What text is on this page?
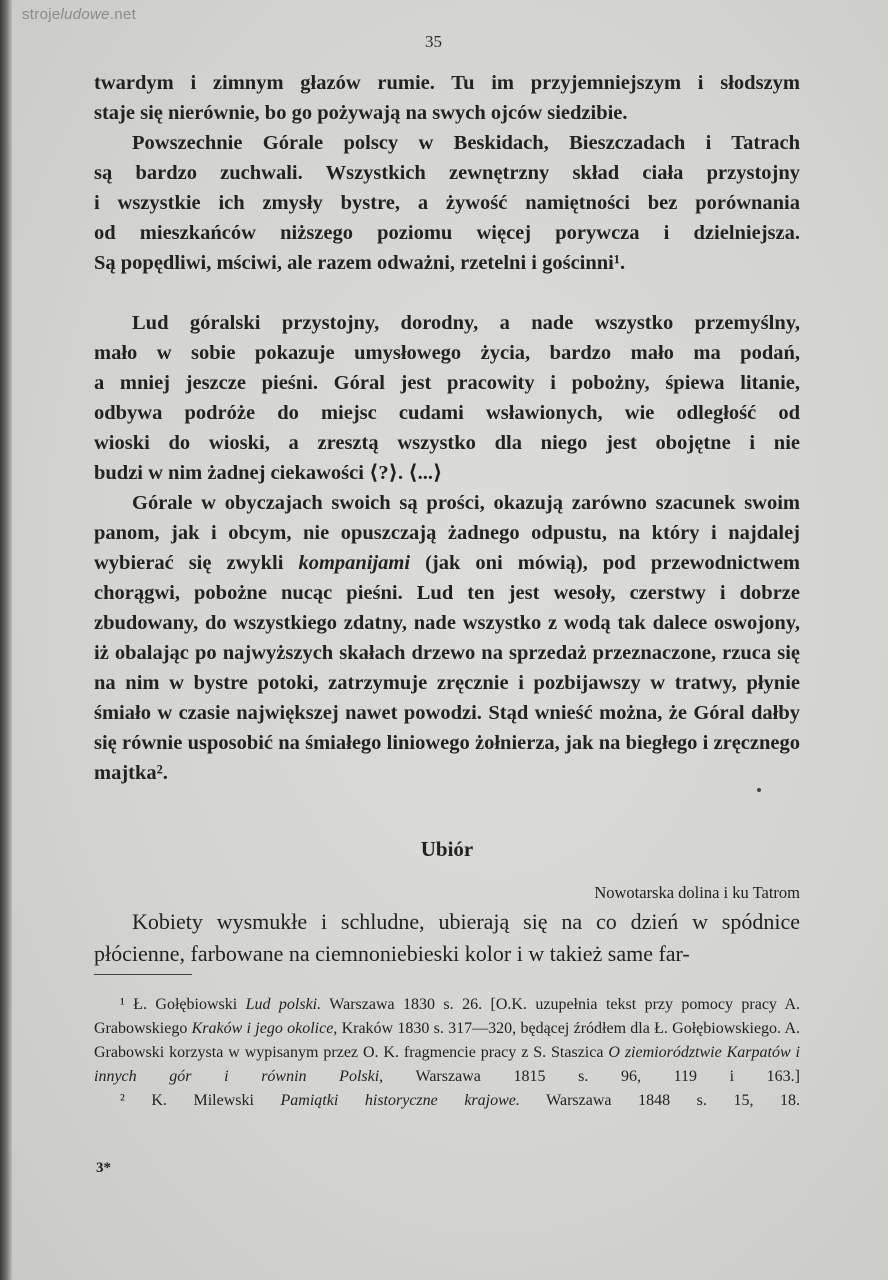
strojeludowe.net
35

twardym i zimnym głazów rumie. Tu im przyjemniejszym i słodszym

staje się nierównie, bo go pożywają na swych ojców siedzibie.

Powszechnie Górale polscy w Beskidach, Bieszczadach i Tatrach

są bardzo zuchwali. Wszystkich zewnętrzny skład ciała przystojny

i wszystkie ich zmysły bystre, a żywość namiętności bez porównania

od mieszkańców niższego poziomu więcej porywcza i dzielniejsza.

Są popędliwi, mściwi, ale razem odważni, rzetelni i gościnni¹.

Lud góralski przystojny, dorodny, a nade wszystko przemyślny,

mało w sobie pokazuje umysłowego życia, bardzo mało ma podań,

a mniej jeszcze pieśni. Góral jest pracowity i pobożny, śpiewa litanie,

odbywa podróże do miejsc cudami wsławionych, wie odległość od

wioski do wioski, a zresztą wszystko dla niego jest obojętne i nie

budzi w nim żadnej ciekawości ⟨?⟩. ⟨...⟩

Górale w obyczajach swoich są prości, okazują zarówno szacunek swoim panom, jak i obcym, nie opuszczają żadnego odpustu, na który i najdalej wybierać się zwykli kompanijami (jak oni mówią), pod przewodnictwem chorągwi, pobożne nucąc pieśni. Lud ten jest wesoły, czerstwy i dobrze zbudowany, do wszystkiego zdatny, nade wszystko z wodą tak dalece oswojony, iż obalając po najwyższych skałach drzewo na sprzedaż przeznaczone, rzuca się na nim w bystre potoki, zatrzymuje zręcznie i pozbijawszy w tratwy, płynie śmiało w czasie największej nawet powodzi. Stąd wnieść można, że Góral dałby się równie usposobić na śmiałego liniowego żołnierza, jak na biegłego i zręcznego majtka².

Ubiór
Nowotarska dolina i ku Tatrom

Kobiety wysmukłe i schludne, ubierają się na co dzień w spódnice płócienne, farbowane na ciemnoniebieski kolor i w takież same far-

¹ Ł. Gołębiowski Lud polski. Warszawa 1830 s. 26. [O.K. uzupełnia tekst przy pomocy pracy A. Grabowskiego Kraków i jego okolice, Kraków 1830 s. 317—320, będącej źródłem dla Ł. Gołębiowskiego. A. Grabowski korzysta w wypisanym przez O. K. fragmencie pracy z S. Staszica O ziemiorództwie Karpatów i innych gór i równin Polski, Warszawa 1815 s. 96, 119 i 163.]

² K. Milewski Pamiątki historyczne krajowe. Warszawa 1848 s. 15, 18.

3*
